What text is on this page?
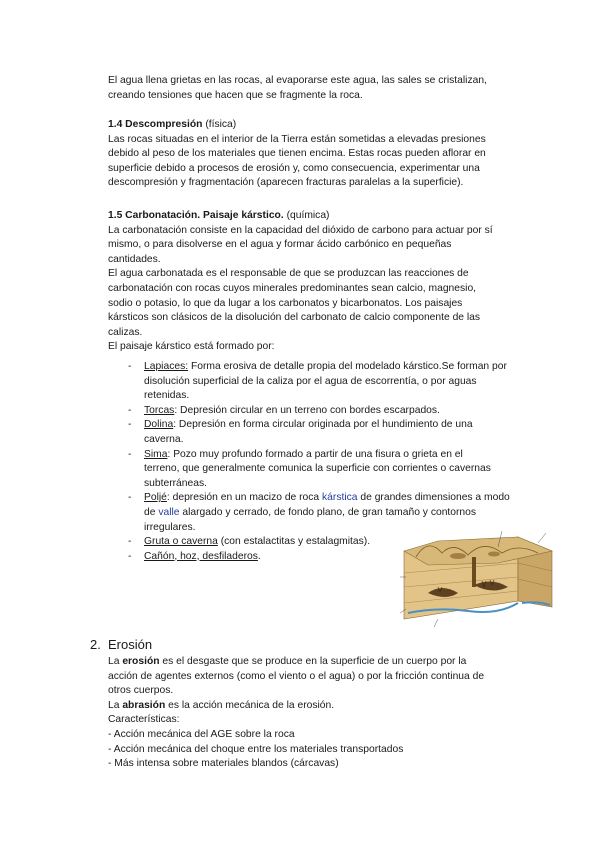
El agua llena grietas en las rocas, al evaporarse este agua, las sales se cristalizan,

creando tensiones que hacen que se fragmente la roca.

1.4 Descompresión (física)

Las rocas situadas en el interior de la Tierra están sometidas a elevadas presiones

debido al peso de los materiales que tienen encima. Estas rocas pueden aflorar en

superficie debido a procesos de erosión y, como consecuencia, experimentar una

descompresión y fragmentación (aparecen fracturas paralelas a la superficie).

1.5 Carbonatación. Paisaje kárstico. (química)

La carbonatación consiste en la capacidad del dióxido de carbono para actuar por sí

mismo, o para disolverse en el agua y formar ácido carbónico en pequeñas

cantidades.

El agua carbonatada es el responsable de que se produzcan las reacciones de

carbonatación con rocas cuyos minerales predominantes sean calcio, magnesio,

sodio o potasio, lo que da lugar a los carbonatos y bicarbonatos. Los paisajes

kársticos son clásicos de la disolución del carbonato de calcio componente de las

calizas.

El paisaje kárstico está formado por:

- Lapiaces: Forma erosiva de detalle propia del modelado kárstico.Se forman por
disolución superficial de la caliza por el agua de escorrentía, o por aguas
retenidas.
- Torcas: Depresión circular en un terreno con bordes escarpados.
- Dolina: Depresión en forma circular originada por el hundimiento de una
caverna.
- Sima: Pozo muy profundo formado a partir de una fisura o grieta en el
terreno, que generalmente comunica la superficie con corrientes o cavernas
subterráneas.
- Poljé: depresión en un macizo de roca kárstica de grandes dimensiones a modo
de valle alargado y cerrado, de fondo plano, de gran tamaño y contornos
irregulares.
- Gruta o caverna (con estalactitas y estalagmitas).
- Cañón, hoz, desfiladeros.
2. Erosión

La erosión es el desgaste que se produce en la superficie de un cuerpo por la

acción de agentes externos (como el viento o el agua) o por la fricción continua de

otros cuerpos.

La abrasión es la acción mecánica de la erosión.

Características:

- Acción mecánica del AGE sobre la roca

- Acción mecánica del choque entre los materiales transportados

- Más intensa sobre materiales blandos (cárcavas)
